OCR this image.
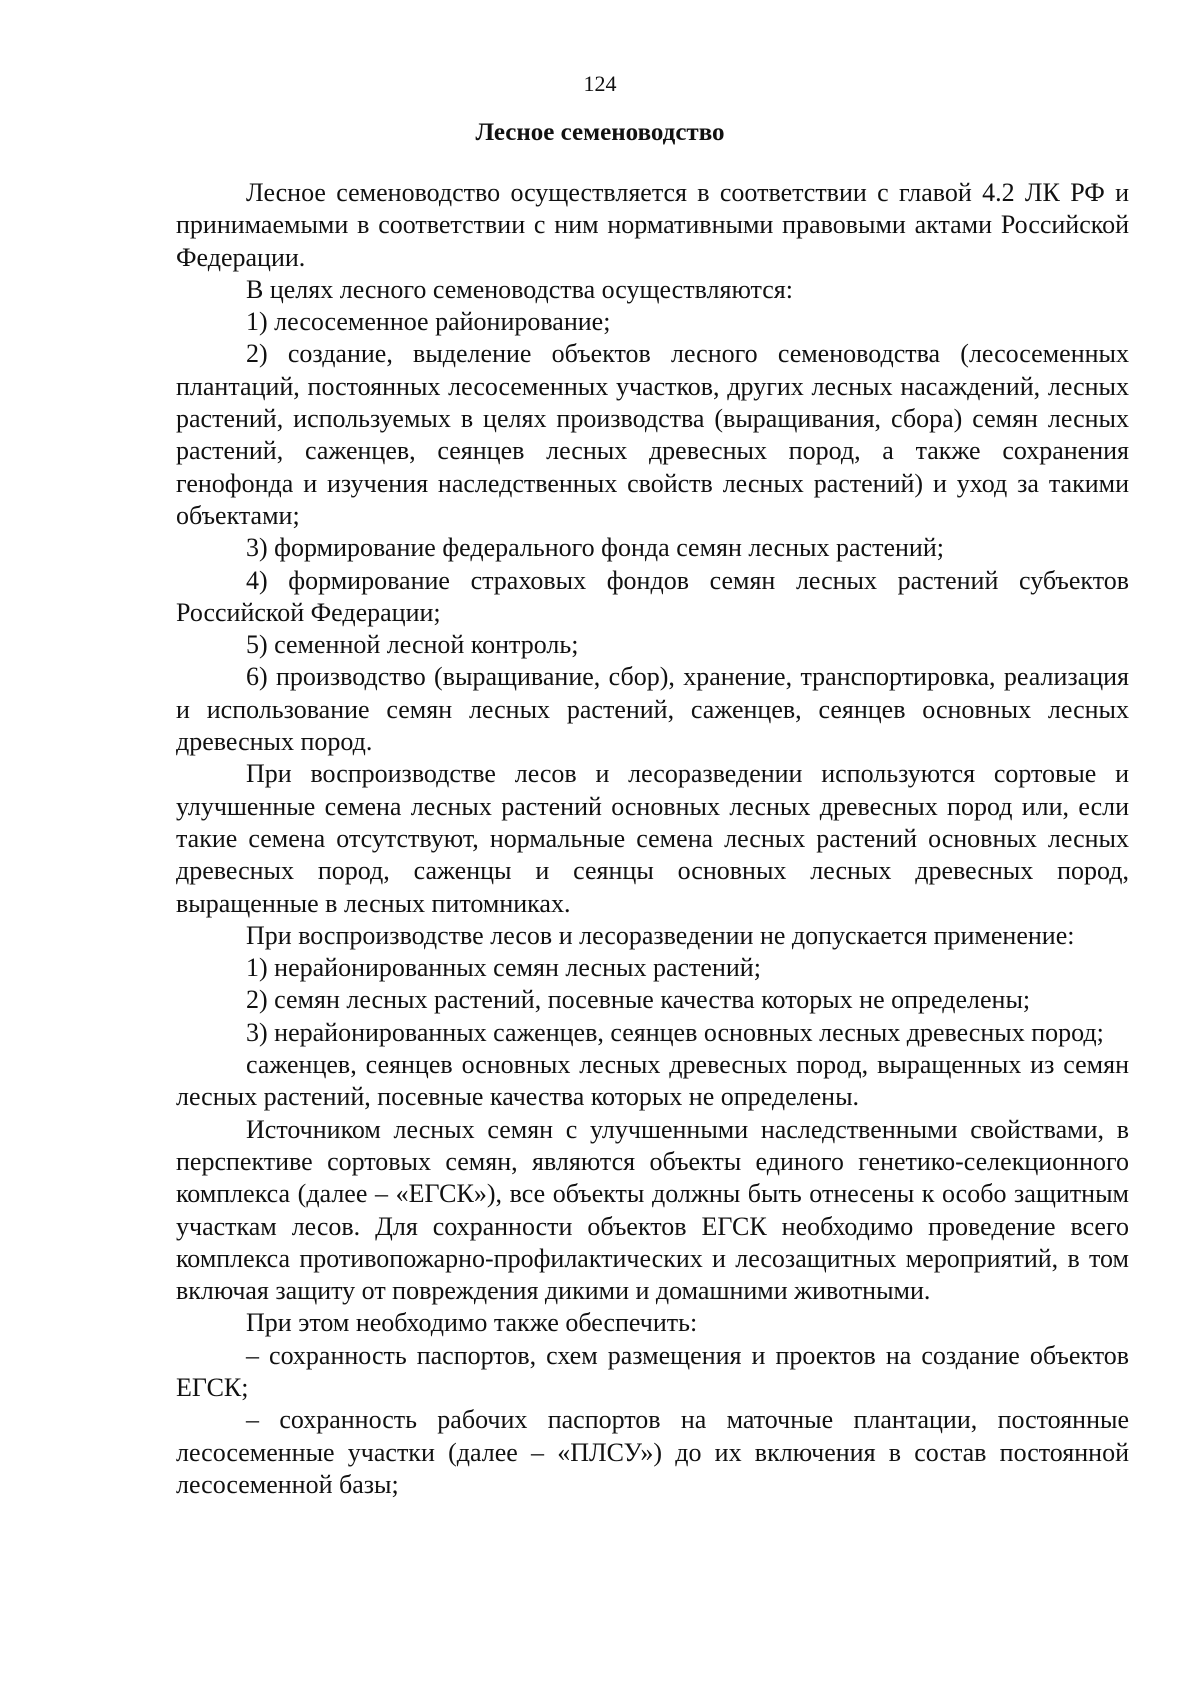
124
Лесное семеноводство

Лесное семеноводство осуществляется в соответствии с главой 4.2 ЛК РФ и принимаемыми в соответствии с ним нормативными правовыми актами Российской Федерации.

В целях лесного семеноводства осуществляются:

1) лесосеменное районирование;

2) создание, выделение объектов лесного семеноводства (лесосеменных плантаций, постоянных лесосеменных участков, других лесных насаждений, лесных растений, используемых в целях производства (выращивания, сбора) семян лесных растений, саженцев, сеянцев лесных древесных пород, а также сохранения генофонда и изучения наследственных свойств лесных растений) и уход за такими объектами;

3) формирование федерального фонда семян лесных растений;

4) формирование страховых фондов семян лесных растений субъектов Российской Федерации;

5) семенной лесной контроль;

6) производство (выращивание, сбор), хранение, транспортировка, реализация и использование семян лесных растений, саженцев, сеянцев основных лесных древесных пород.

При воспроизводстве лесов и лесоразведении используются сортовые и улучшенные семена лесных растений основных лесных древесных пород или, если такие семена отсутствуют, нормальные семена лесных растений основных лесных древесных пород, саженцы и сеянцы основных лесных древесных пород, выращенные в лесных питомниках.

При воспроизводстве лесов и лесоразведении не допускается применение:

1) нерайонированных семян лесных растений;

2) семян лесных растений, посевные качества которых не определены;

3) нерайонированных саженцев, сеянцев основных лесных древесных пород;

саженцев, сеянцев основных лесных древесных пород, выращенных из семян лесных растений, посевные качества которых не определены.

Источником лесных семян с улучшенными наследственными свойствами, в перспективе сортовых семян, являются объекты единого генетико-селекционного комплекса (далее – «ЕГСК»), все объекты должны быть отнесены к особо защитным участкам лесов. Для сохранности объектов ЕГСК необходимо проведение всего комплекса противопожарно-профилактических и лесозащитных мероприятий, в том включая защиту от повреждения дикими и домашними животными.

При этом необходимо также обеспечить:

– сохранность паспортов, схем размещения и проектов на создание объектов ЕГСК;

– сохранность рабочих паспортов на маточные плантации, постоянные лесосеменные участки (далее – «ПЛСУ») до их включения в состав постоянной лесосеменной базы;
